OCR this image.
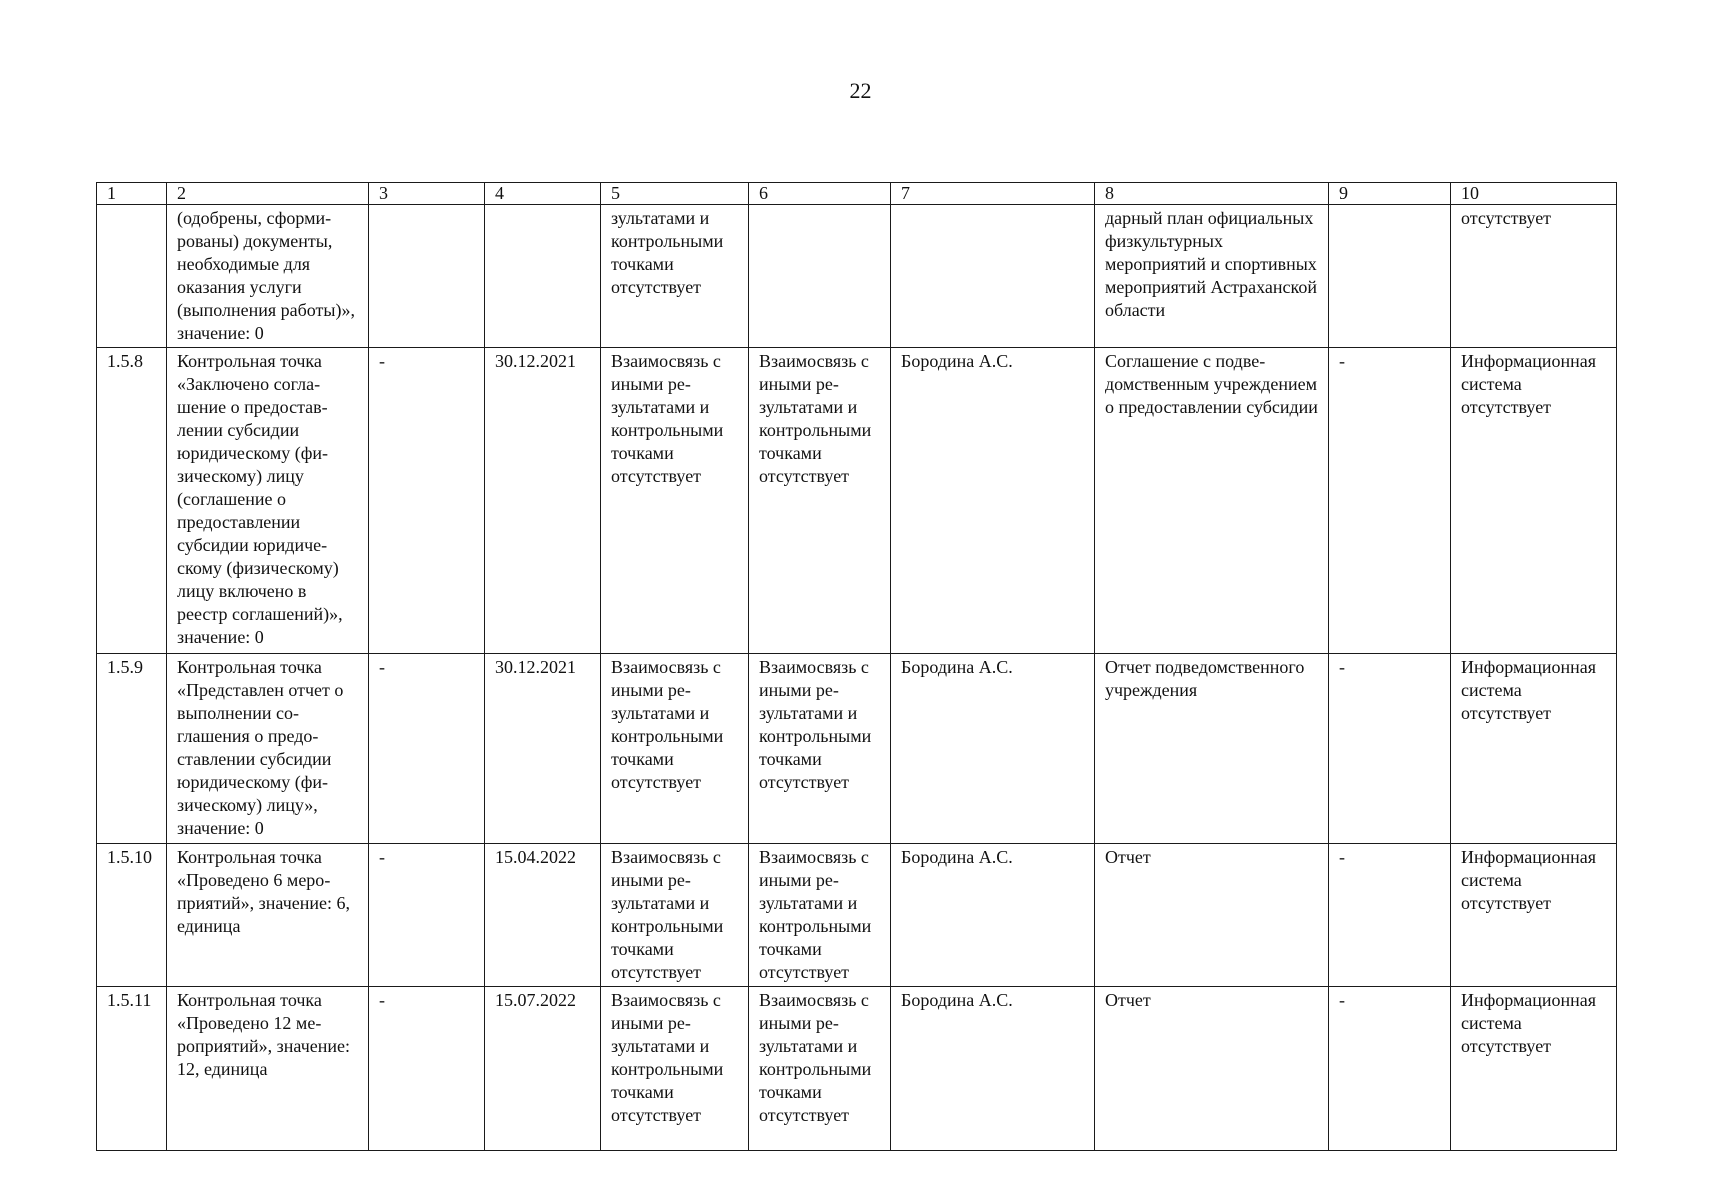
22
1	2	3	4	5	6	7	8	9	10
	(одобрены, сформированы) документы, необходимые для оказания услуги (выполнения работы)», значение: 0			зультатами и контрольными точками отсутствует			дарный план официальных физкультурных мероприятий и спортивных мероприятий Астраханской области		отсутствует
1.5.8	Контрольная точка «Заключено соглашение о предоставлении субсидии юридическому (физическому) лицу (соглашение о предоставлении субсидии юридическому (физическому) лицу включено в реестр соглашений)», значение: 0	-	30.12.2021	Взаимосвязь с иными результатами и контрольными точками отсутствует	Взаимосвязь с иными результатами и контрольными точками отсутствует	Бородина А.С.	Соглашение с подведомственным учреждением о предоставлении субсидии	-	Информационная система отсутствует
1.5.9	Контрольная точка «Представлен отчет о выполнении соглашения о предоставлении субсидии юридическому (физическому) лицу», значение: 0	-	30.12.2021	Взаимосвязь с иными результатами и контрольными точками отсутствует	Взаимосвязь с иными результатами и контрольными точками отсутствует	Бородина А.С.	Отчет подведомственного учреждения	-	Информационная система отсутствует
1.5.10	Контрольная точка «Проведено 6 мероприятий», значение: 6, единица	-	15.04.2022	Взаимосвязь с иными результатами и контрольными точками отсутствует	Взаимосвязь с иными результатами и контрольными точками отсутствует	Бородина А.С.	Отчет	-	Информационная система отсутствует
1.5.11	Контрольная точка «Проведено 12 мероприятий», значение: 12, единица	-	15.07.2022	Взаимосвязь с иными результатами и контрольными точками отсутствует	Взаимосвязь с иными результатами и контрольными точками отсутствует	Бородина А.С.	Отчет	-	Информационная система отсутствует
